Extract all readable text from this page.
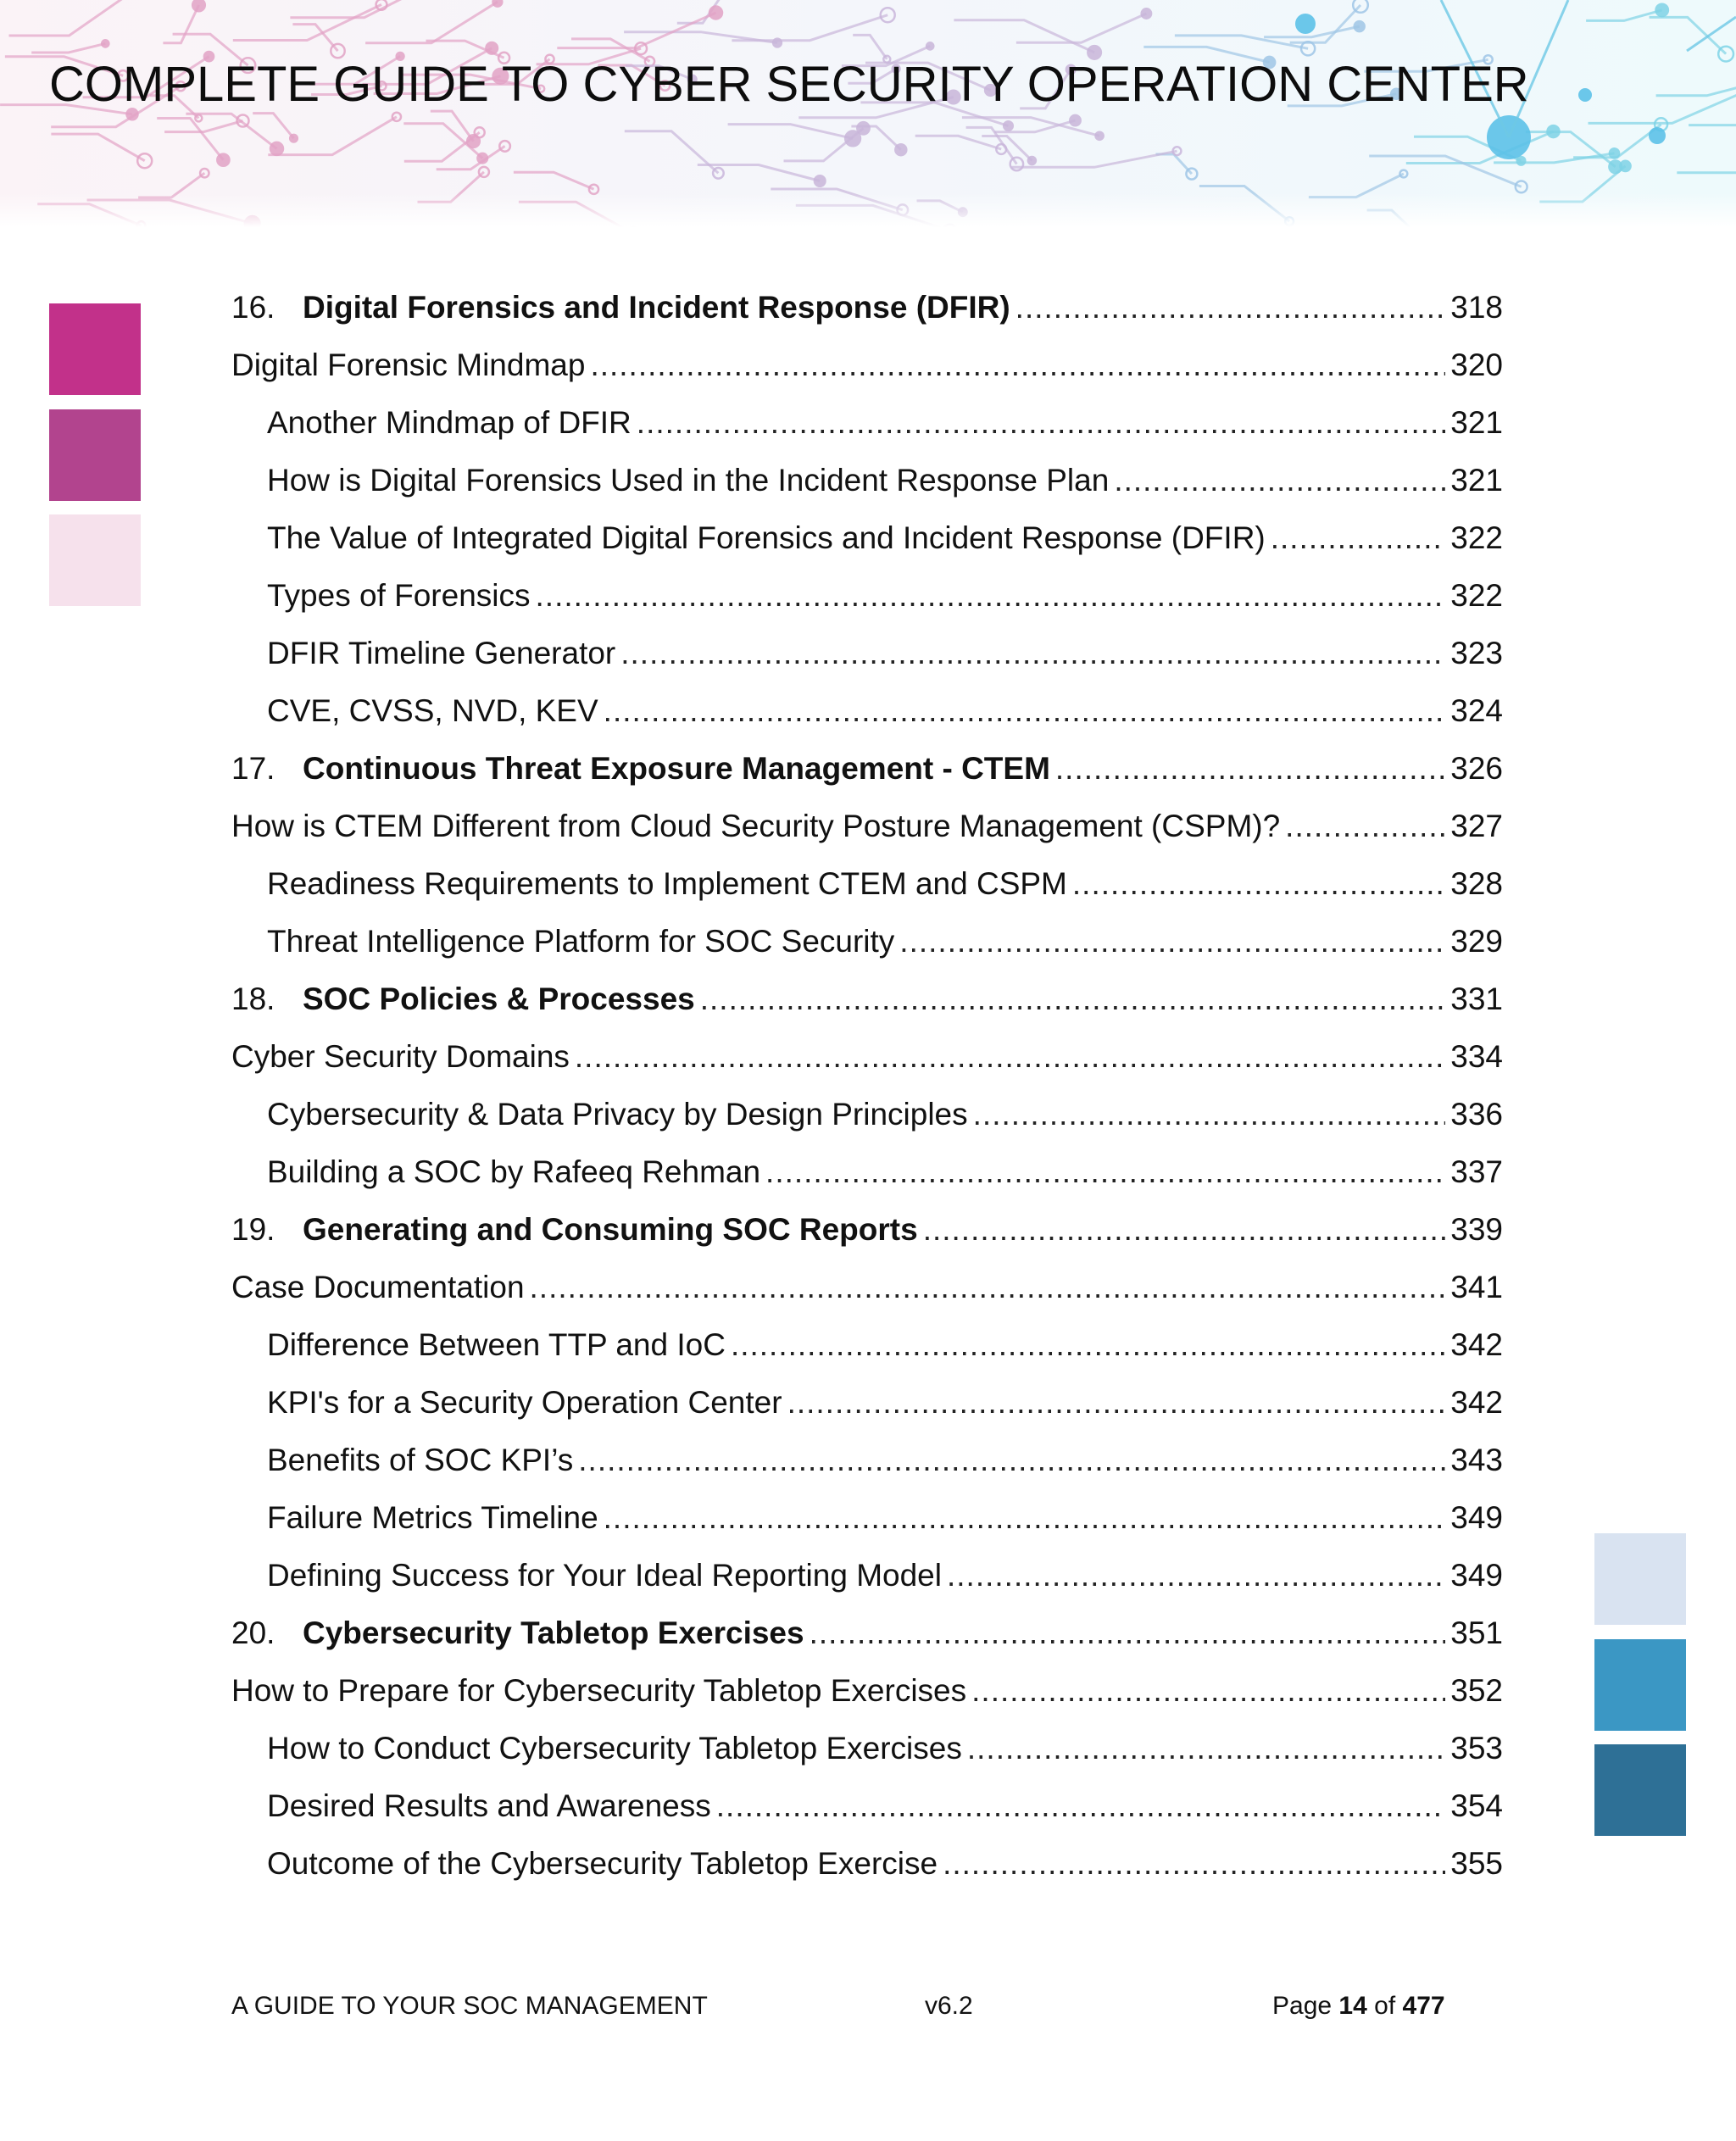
COMPLETE GUIDE TO CYBER SECURITY OPERATION CENTER
16. Digital Forensics and Incident Response (DFIR) .....	318
Digital Forensic Mindmap .....	320
Another Mindmap of DFIR .....	321
How is Digital Forensics Used in the Incident Response Plan .....	321
The Value of Integrated Digital Forensics and Incident Response (DFIR) .....	322
Types of Forensics .....	322
DFIR Timeline Generator .....	323
CVE, CVSS, NVD, KEV .....	324
17. Continuous Threat Exposure Management - CTEM .....	326
How is CTEM Different from Cloud Security Posture Management (CSPM)? .....	327
Readiness Requirements to Implement CTEM and CSPM .....	328
Threat Intelligence Platform for SOC Security .....	329
18. SOC Policies & Processes .....	331
Cyber Security Domains .....	334
Cybersecurity & Data Privacy by Design Principles .....	336
Building a SOC by Rafeeq Rehman .....	337
19. Generating and Consuming SOC Reports .....	339
Case Documentation .....	341
Difference Between TTP and IoC .....	342
KPI's for a Security Operation Center .....	342
Benefits of SOC KPI’s .....	343
Failure Metrics Timeline .....	349
Defining Success for Your Ideal Reporting Model .....	349
20. Cybersecurity Tabletop Exercises .....	351
How to Prepare for Cybersecurity Tabletop Exercises .....	352
How to Conduct Cybersecurity Tabletop Exercises .....	353
Desired Results and Awareness .....	354
Outcome of the Cybersecurity Tabletop Exercise .....	355
A GUIDE TO YOUR SOC MANAGEMENT	v6.2	Page 14 of 477
